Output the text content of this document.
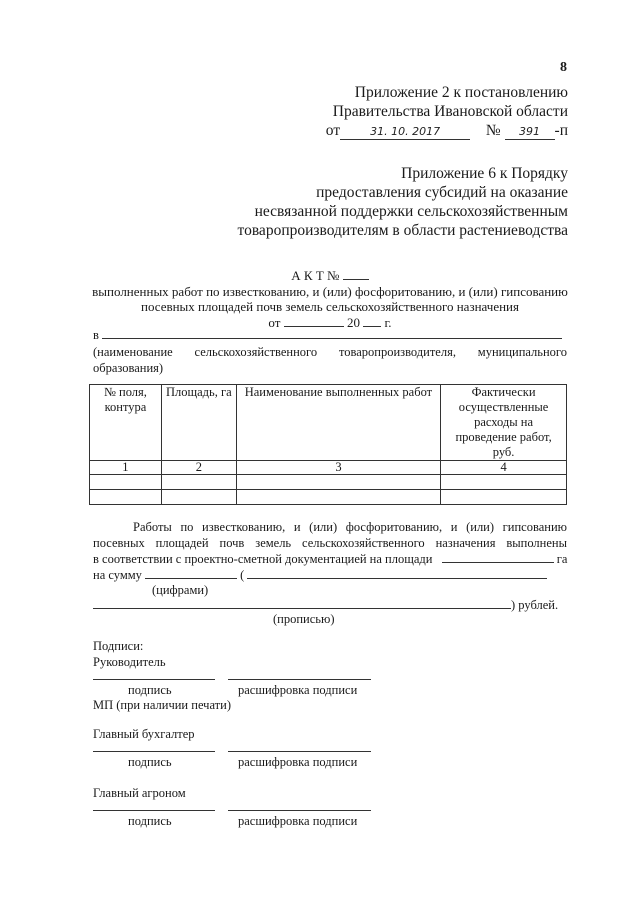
8
Приложение 2 к постановлению
Правительства Ивановской области
от	31. 10. 2017	№ 391 -п
Приложение 6 к Порядку
предоставления субсидий на оказание
несвязанной поддержки сельскохозяйственным
товаропроизводителям в области растениеводства
А К Т №
выполненных работ по известкованию, и (или) фосфоритованию, и (или) гипсованию
посевных площадей почв земель сельскохозяйственного назначения
от	20 г.
в
(наименование сельскохозяйственного товаропроизводителя, муниципального
образования)
№ поля, контура	Площадь, га	Наименование выполненных работ	Фактически осуществленные расходы на проведение работ, руб.
1	2	3	4

Работы по известкованию, и (или) фосфоритованию, и (или) гипсованию
посевных площадей почв земель сельскохозяйственного назначения выполнены
в соответствии с проектно-сметной документацией на площади	га
на сумму	(
(цифрами)
) рублей.
(прописью)
Подписи:
Руководитель
подпись	расшифровка подписи
МП (при наличии печати)
Главный бухгалтер
подпись	расшифровка подписи
Главный агроном
подпись	расшифровка подписи
